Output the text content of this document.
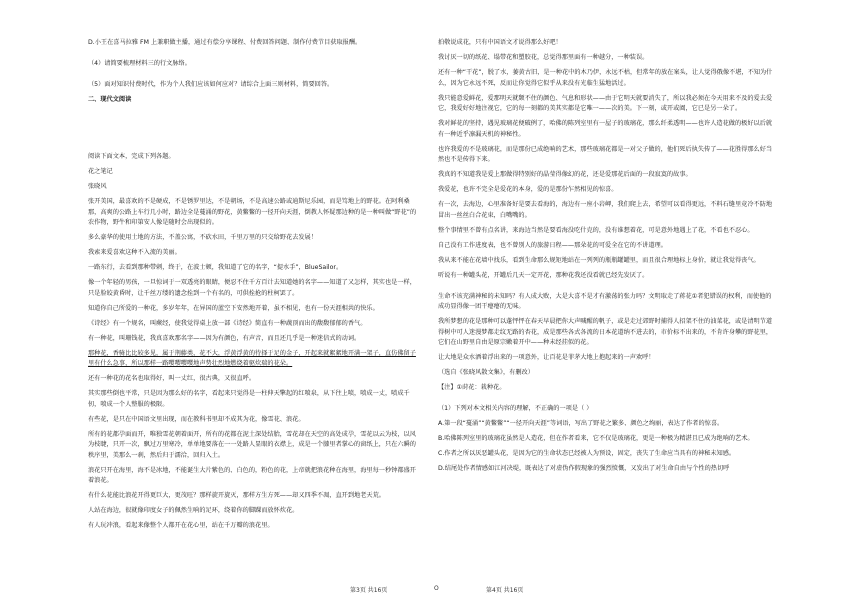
D.小王在喜马拉雅 FM 上兼职做主播，通过有偿分享课程、付费回答问题、制作付费节目获取报酬。

（4）请简要梳理材料三的行文脉络。

（5）面对知识付费时代，作为个人我们应该如何应对？请综合上面三则材料，简要回答。

二、现代文阅读

阅读下面文本，完成下列各题。

花之笔记

张晓风

张开美国，最喜欢的不是硬成，不是锈罗里达，不是朝场，不是高速公路或迪斯尼乐园，而是笃地上的野花。在阿利桑那，高爽的公路上车行几小时，路边全是蔓涌的野花，黄鳖鳖的一径开向天涯，倒教人怀疑那边种的是一种叫做“野花”的农作物，野牛和印第安人像是随时会出现似的。

多么豪华的使用土地的方法，不盖公寓，不砍水田，千里万里的只交给野花去发展！

我索来爱喜欢这种不入流的美丽。

一路东行，去看到那种带刺，终于，在波士顿，我知道了它的名字，“提水手”，BlueSailor。

像一个年轻的男孩，一旦惊词于一双透亮的眼睛，便忍不住千方百计去知道她的名字——知道了又怎样，其实也是一样，只是脸皎黄昏时，让千丝万缕的遗念拴到一个有名的，可供拴抢的柱柯罢了。

知道你自己所爱的一种花，多岁年年，在异国的蓝空下安然地开着，虽不相见，也有一份天涯相共的快乐。

《诗经》有一个规名，叫蕨经，使我觉得桌上放一部《诗经》简直有一种蔬顶而出的馥馥郁郁的香气。

有一种花，叫珊钱花，我真喜欢那名字——因为有颜色，有声音，而且还几乎是一种迷信式的动词。

那种花，香骑比比较多见，属于荆藤类，花不大，浮黄浮黄的待择于足的金子，开起来就絮絮地开满一架子，直仿佛留子里有什么急事，所以那样一路嘤嘤嘤嘤地声势壮烈地燃烧着驱炊瑞的花朵。

还有一种花的花名也取得好，叫一丈红，很古典，又很直呼。

其实那些倒也平常，只是因为那么好的名字，看起来只觉得是一柱伸天擎起的红喷泉，从下往上喷，喷成一丈，喷成千仞，喷成一个人整服的极限。

有些花，是只在中国语文里出现，而在教科书里却不成其为花，像雪花、浪花。

所有的花都孕面而开，唯独雪花朝着面开，所有的花都在泥土深处结胎，雪花却在天空的高处成孕，雪花以云为枝，以风为枝睫，只开一次，飘过万里寒冷，单单地要落在一一处路人显眼的衣襟上，成是一个膝里者掌心的窗纸上，只在六瞬的秩序里，美那么一刹，然后归于濡洽，回归入土。

浪花只开在海里，海不是冰地，不能诞生大片紫色的、白色的，粉色的花，上帝就把浪花种在海里，海里每一秒钟都盛开着浪花。

有什么花能比浪花开得更巨大，更茂旺？那样旋开旋灭，那样方生方死——却又四季不凋，直开到地老天荒。

人站在海边，很就像印度女子的佩然生响的足环，绕着你的脚踝而放怀炊花。

有人玩冲浪，看起来像整个人都开在花心里，站在千万瓣的浪花里。

拍敬说成花，只有中国语文才说得那么好吧！

我讨厌一切的纸花、塌带花和塑胶花，总觉得那里面有一种越分，一种装误。

还有一种“干花”，脱了水，萎黄古旧，是一种花中的木乃伊，永远不枯，但常年的放在案头，让人觉得俄像不堪，不知为什么，因为它永远不死，反而让你觉得它似乎从来没有光临生猛地活过。

我只能意爱鲜花，爱那明天就颓不住的颜色、气息和形状——由于它明天就要消失了，所以我必须在今天用来不及的爱去爱它，我爱好好地注视它，它的每一刻都的美其实都是它唯一——次的美。下一刻，或开或阖，它已是另一朵了。

我对鲜花的坚持，遇见玻璃花便破例了，哈佛的陈列室里有一屋子的玻璃花，那么纤柔透明——也许人造花做的极好以后就有一种近乎凛漏天机的神秘性。

也许我爱的不是玻璃花，而是那份已成绝响的艺术，那些玻璃花都是一对父子做的，他们死后执失传了——花胜得那么好当然也不是传得下来。

我真的不知道我是爱上那做得特别好的晶莹得像幻的花，还是爱那花后面的一段寂寞的故事。

我爱花，也许不完全是爱花的本身，爱的是那份乍然相见的惊喜。

有一次，去海边，心里准备好是要去看海的，海边有一座小岩岬，我们爬上去，希望可以看得更远，不料石缝里竟冷不防地冒出一丝丝白合花束，白嘴嘴的。

整个事情里不曾有点名讲，来海边当然是要看海没吃什克的，没有谁想着花，可是意外地遇上了花，不看也不忍心。

自己没有工作进度表，也不曾别人的旅游日程——那朵花的可爱全在它的不讲道理。

我从来不能在花墙中找乐，看到生命那么规矩地站在一列列的瓶瓶罐罐里，而且很合理地标上身价，就让我觉得丧气。

听说有一种罐头花，开罐后几天一定开花，那种花我还没看就已经先发厌了。

生命不该充满神秘的未知吗？有人成大败，大是大喜不是才有激荡的张力吗？文明取走了蒋花①者犯错误的权利，而使他的成功显得像一团干瘪瘪的无味。

我所梦想的花是那种可以蓬怦怦在春天早晨把你大声喊醒的帆子，或是走过郊野时捕得人招架不住的油菜花，或是清明节道得树中可人迷漫梦都走纹无路的杏花，成是那些各式各流的日本花道纳不进去的，市价标不出来的，不肯许身攀的野花里，它们在山野里自由是原宗嫩着开中——种未经挂似的花。

让大地是众水洒着浮出来的一项意外，让百花是菲茅大地上抱起来的一声欢呼！

（选自《张晓风散文集》，有删改）

【注】①莳花：栽种花。

（1）下列对本文相关内容的理解，不正确的一项是（ ）

A.第一段“蔓涌”“黄鳖鳖”“一径开向天涯”等词语，写出了野花之繁多、颜色之绚丽，表达了作者的惊喜。

B.哈佛陈列室里的玻璃花虽然是人造花，但在作者看来，它不仅是玻璃花，更是一种极为精湛且已成为绝响的艺术。

C.作者之所以厌恶罐头花，是因为它的生命状态已经被人为预设，固定，丧失了生命应当具有的神秘未知感。

D.结尾处作者情感如江河决堤，既表达了对虚伪作假现象的强烈愤慨，又发出了对生命自由与个性的热切呼

第3页 共16页	O	第4页 共16页
